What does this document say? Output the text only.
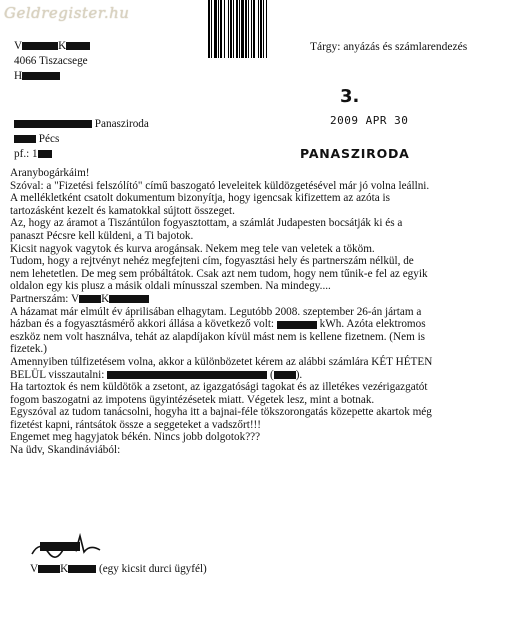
Geldregister.hu
V	K
4066 Tiszacsege
H
Tárgy: anyázás és számlarendezés
3.
2009 APR 30
PANASZIRODA
Panasziroda
Pécs
pf.: 1

Aranybogárkáim!
Szóval: a "Fizetési felszólító" című baszogató leveleitek küldözgetésével már jó volna leállni.
A mellékletként csatolt dokumentum bizonyítja, hogy igencsak kifizettem az azóta is
tartozásként kezelt és kamatokkal sújtott összeget.
Az, hogy az áramot a Tiszántúlon fogyasztottam, a számlát Judapesten bocsátják ki és a
panaszt Pécsre kell küldeni, a Ti bajotok.
Kicsit nagyok vagytok és kurva arogánsak. Nekem meg tele van veletek a tököm.
Tudom, hogy a rejtvényt nehéz megfejteni cím, fogyasztási hely és partnerszám nélkül, de
nem lehetetlen. De meg sem próbáltátok. Csak azt nem tudom, hogy nem tűnik-e fel az egyik
oldalon egy kis plusz a másik oldali mínusszal szemben. Na mindegy....

Partnerszám: V K

A házamat már elmúlt év áprilisában elhagytam. Legutóbb 2008. szeptember 26-án jártam a

házban és a fogyasztásmérő akkori állása a következő volt:	kWh. Azóta elektromos

eszköz nem volt használva, tehát az alapdíjakon kívül mást nem is kellene fizetnem. (Nem is
fizetek.)
Amennyiben túlfizetésem volna, akkor a különbözetet kérem az alábbi számlára KÉT HÉTEN

BELÜL visszautalni:	( ).

Ha tartoztok és nem küldötök a zsetont, az igazgatósági tagokat és az illetékes vezérigazgatót
fogom baszogatni az impotens ügyintézésetek miatt. Végetek lesz, mint a botnak.
Egyszóval az tudom tanácsolni, hogyha itt a bajnai-féle tökszorongatás közepette akartok még
fizetést kapni, rántsátok össze a seggeteket a vadszőrt!!!
Engemet meg hagyjatok békén. Nincs jobb dolgotok???
Na üdv, Skandináviából:

V K	(egy kicsit durci ügyfél)
